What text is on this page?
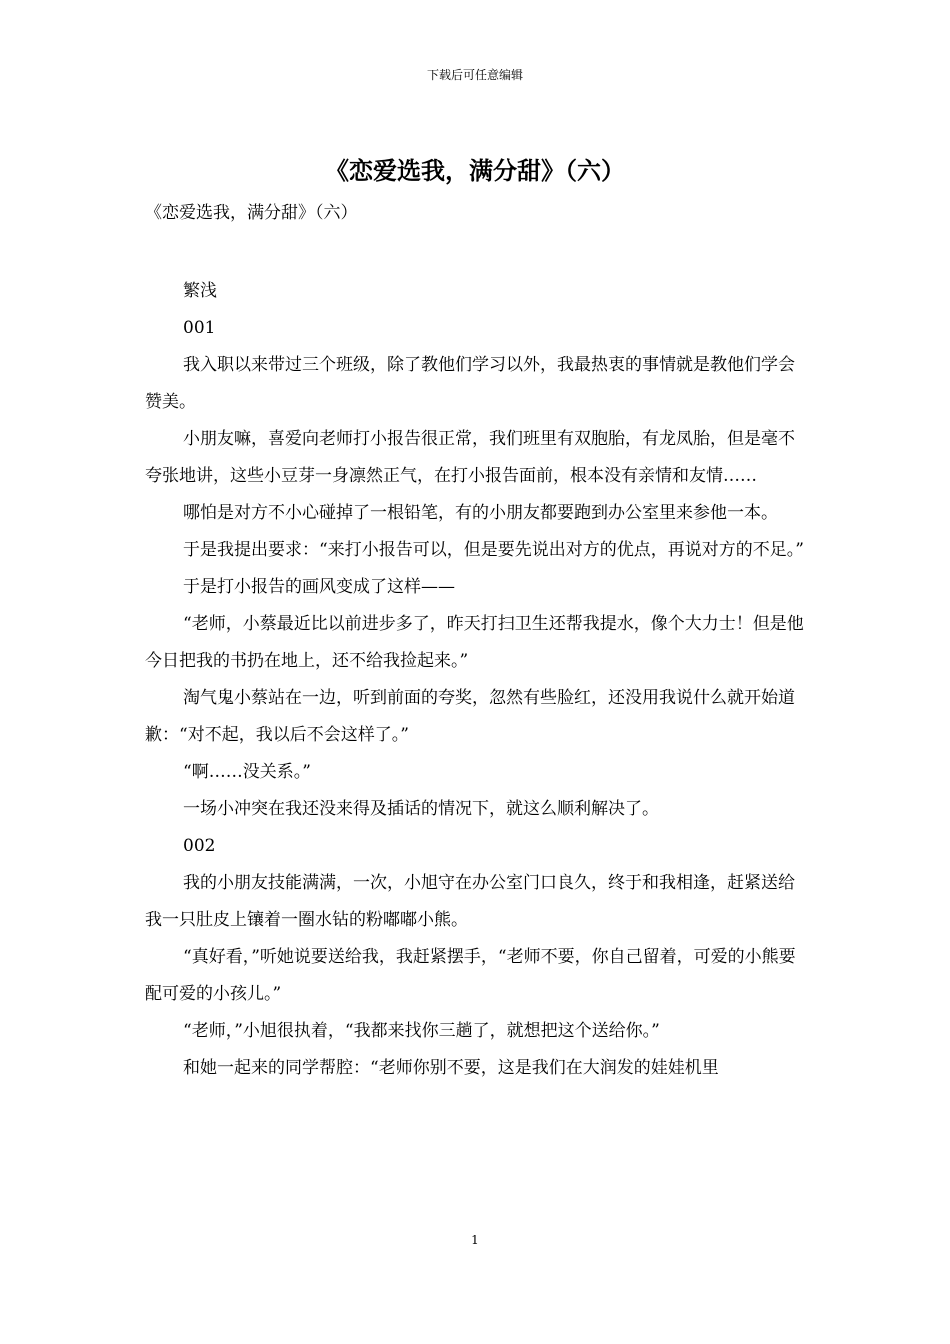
下载后可任意编辑
《恋爱选我，满分甜》（六）
《恋爱选我，满分甜》（六）

繁浅

001

我入职以来带过三个班级，除了教他们学习以外，我最热衷的事情就是教他们学会赞美。

小朋友嘛，喜爱向老师打小报告很正常，我们班里有双胞胎，有龙凤胎，但是毫不夸张地讲，这些小豆芽一身凛然正气，在打小报告面前，根本没有亲情和友情……

哪怕是对方不小心碰掉了一根铅笔，有的小朋友都要跑到办公室里来参他一本。

于是我提出要求：“来打小报告可以，但是要先说出对方的优点，再说对方的不足。”

于是打小报告的画风变成了这样——

“老师，小蔡最近比以前进步多了，昨天打扫卫生还帮我提水，像个大力士！但是他今日把我的书扔在地上，还不给我捡起来。”

淘气鬼小蔡站在一边，听到前面的夸奖，忽然有些脸红，还没用我说什么就开始道歉：“对不起，我以后不会这样了。”

“啊……没关系。”

一场小冲突在我还没来得及插话的情况下，就这么顺利解决了。

002

我的小朋友技能满满，一次，小旭守在办公室门口良久，终于和我相逢，赶紧送给我一只肚皮上镶着一圈水钻的粉嘟嘟小熊。

“真好看，”听她说要送给我，我赶紧摆手，“老师不要，你自己留着，可爱的小熊要配可爱的小孩儿。”

“老师，”小旭很执着，“我都来找你三趟了，就想把这个送给你。”

和她一起来的同学帮腔：“老师你别不要，这是我们在大润发的娃娃机里

1
